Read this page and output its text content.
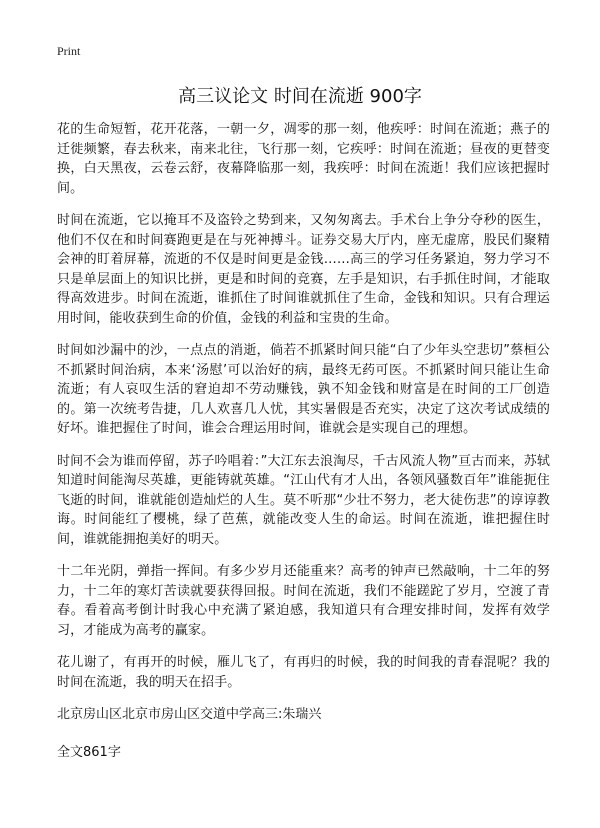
Print
高三议论文 时间在流逝 900字

花的生命短暂，花开花落，一朝一夕，凋零的那一刻，他疾呼：时间在流逝；燕子的迁徙频繁，春去秋来，南来北往，飞行那一刻，它疾呼：时间在流逝；昼夜的更替变换，白天黑夜，云卷云舒，夜幕降临那一刻，我疾呼：时间在流逝！我们应该把握时间。

时间在流逝，它以掩耳不及盗铃之势到来，又匆匆离去。手术台上争分夺秒的医生，他们不仅在和时间赛跑更是在与死神搏斗。证券交易大厅内，座无虚席，股民们聚精会神的盯着屏幕，流逝的不仅是时间更是金钱……高三的学习任务紧迫，努力学习不只是单层面上的知识比拼，更是和时间的竞赛，左手是知识，右手抓住时间，才能取得高效进步。时间在流逝，谁抓住了时间谁就抓住了生命，金钱和知识。只有合理运用时间，能收获到生命的价值，金钱的利益和宝贵的生命。

时间如沙漏中的沙，一点点的消逝，倘若不抓紧时间只能“白了少年头空悲切”蔡桓公不抓紧时间治病，本来‘汤慰’可以治好的病，最终无药可医。不抓紧时间只能让生命流逝；有人哀叹生活的窘迫却不劳动赚钱，孰不知金钱和财富是在时间的工厂创造的。第一次统考告捷，几人欢喜几人忧，其实暑假是否充实，决定了这次考试成绩的好坏。谁把握住了时间，谁会合理运用时间，谁就会是实现自己的理想。

时间不会为谁而停留，苏子吟唱着：”大江东去浪淘尽，千古风流人物”亘古而来，苏轼知道时间能淘尽英雄，更能铸就英雄。“江山代有才人出，各领风骚数百年”谁能扼住飞逝的时间，谁就能创造灿烂的人生。莫不听那“少壮不努力，老大徒伤悲”的谆谆教诲。时间能红了樱桃，绿了芭蕉，就能改变人生的命运。时间在流逝，谁把握住时间，谁就能拥抱美好的明天。

十二年光阴，弹指一挥间。有多少岁月还能重来？高考的钟声已然敲响，十二年的努力，十二年的寒灯苦读就要获得回报。时间在流逝，我们不能蹉跎了岁月，空渡了青春。看着高考倒计时我心中充满了紧迫感，我知道只有合理安排时间，发挥有效学习，才能成为高考的赢家。

花儿谢了，有再开的时候，雁儿飞了，有再归的时候，我的时间我的青春混呢？我的时间在流逝，我的明天在招手。

北京房山区北京市房山区交道中学高三:朱瑞兴

全文861字
